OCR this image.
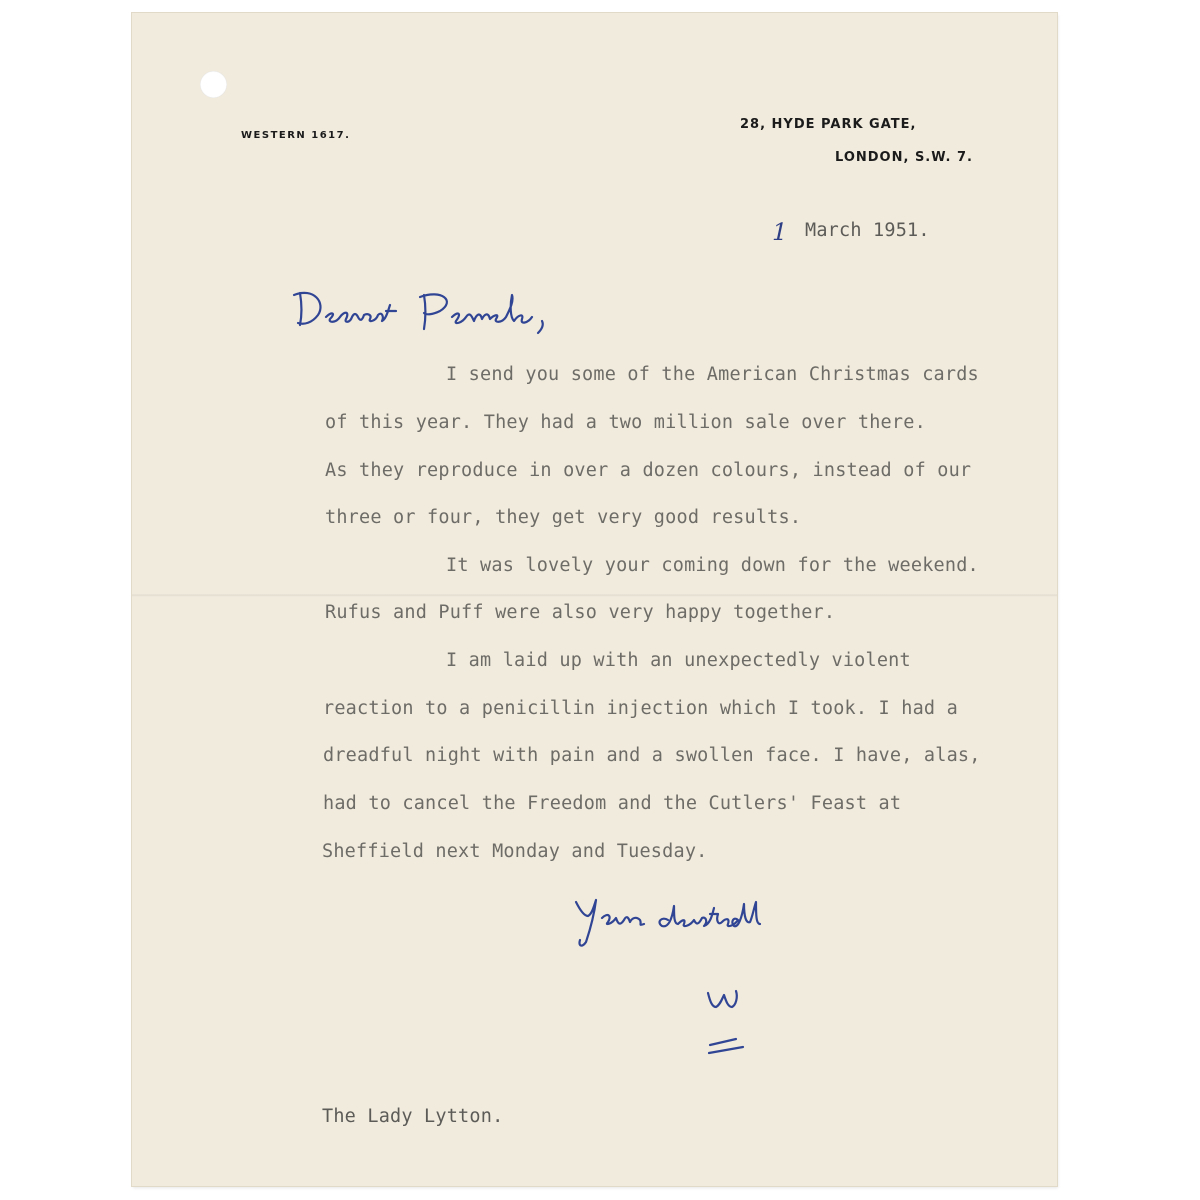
WESTERN 1617.
28, HYDE PARK GATE,
LONDON, S.W. 7.
1 March 1951.
I send you some of the American Christmas cards
of this year. They had a two million sale over there.
As they reproduce in over a dozen colours, instead of our
three or four, they get very good results.
It was lovely your coming down for the weekend.
Rufus and Puff were also very happy together.
I am laid up with an unexpectedly violent
reaction to a penicillin injection which I took. I had a
dreadful night with pain and a swollen face. I have, alas,
had to cancel the Freedom and the Cutlers' Feast at
Sheffield next Monday and Tuesday.
The Lady Lytton.
